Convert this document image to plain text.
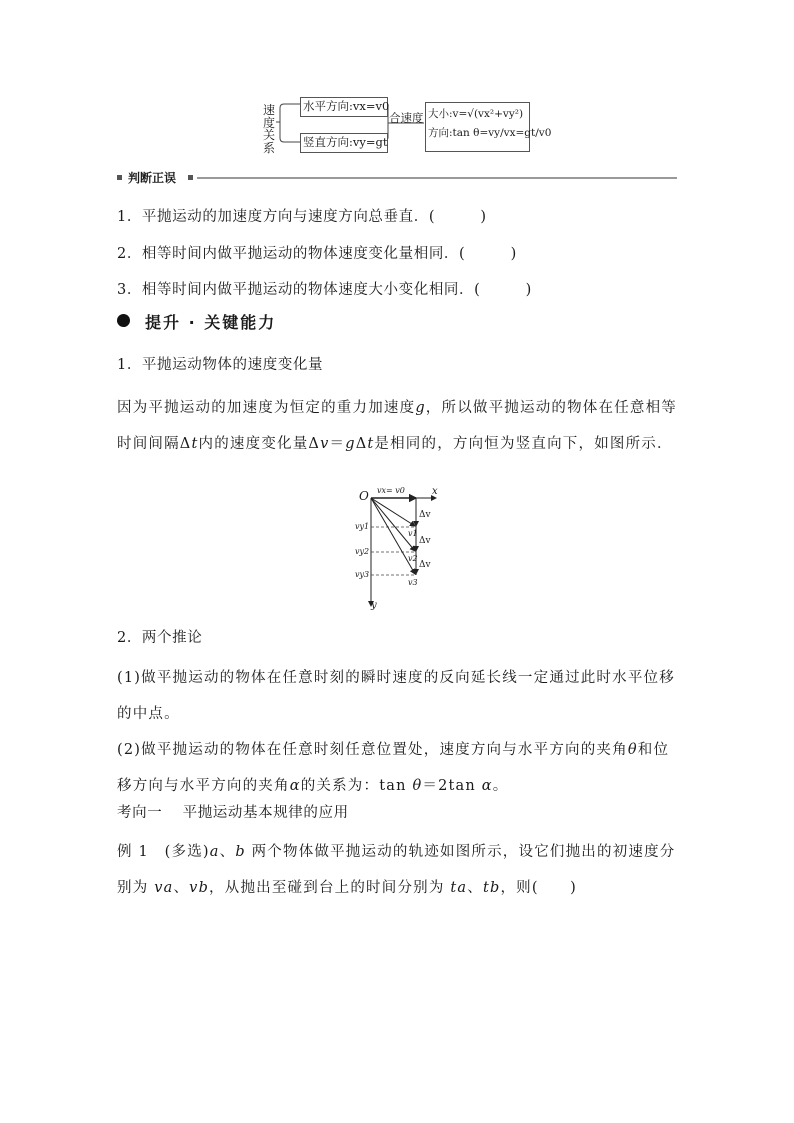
速度关系
水平方向:vx=v0
竖直方向:vy=gt
合速度 大小:v=√(vx²+vy²)
方向:tan θ=vy/vx=gt/v0
判断正误
1．平抛运动的加速度方向与速度方向总垂直．(　　　)
2．相等时间内做平抛运动的物体速度变化量相同．(　　　)
3．相等时间内做平抛运动的物体速度大小变化相同．(　　　)
提升 · 关键能力
1．平抛运动物体的速度变化量
因为平抛运动的加速度为恒定的重力加速度g，所以做平抛运动的物体在任意相等时间间隔Δt内的速度变化量Δv＝gΔt是相同的，方向恒为竖直向下，如图所示．
O	x
y
vx= v0
Δv
Δv
Δv
vy1
vy2
vy3
v1
v2
v3
2．两个推论
(1)做平抛运动的物体在任意时刻的瞬时速度的反向延长线一定通过此时水平位移的中点。
(2)做平抛运动的物体在任意时刻任意位置处，速度方向与水平方向的夹角θ和位移方向与水平方向的夹角α的关系为：tan θ＝2tan α。
考向一　 平抛运动基本规律的应用
例 1　(多选)a、b 两个物体做平抛运动的轨迹如图所示，设它们抛出的初速度分别为 va、vb，从抛出至碰到台上的时间分别为 ta、tb，则(　　)
